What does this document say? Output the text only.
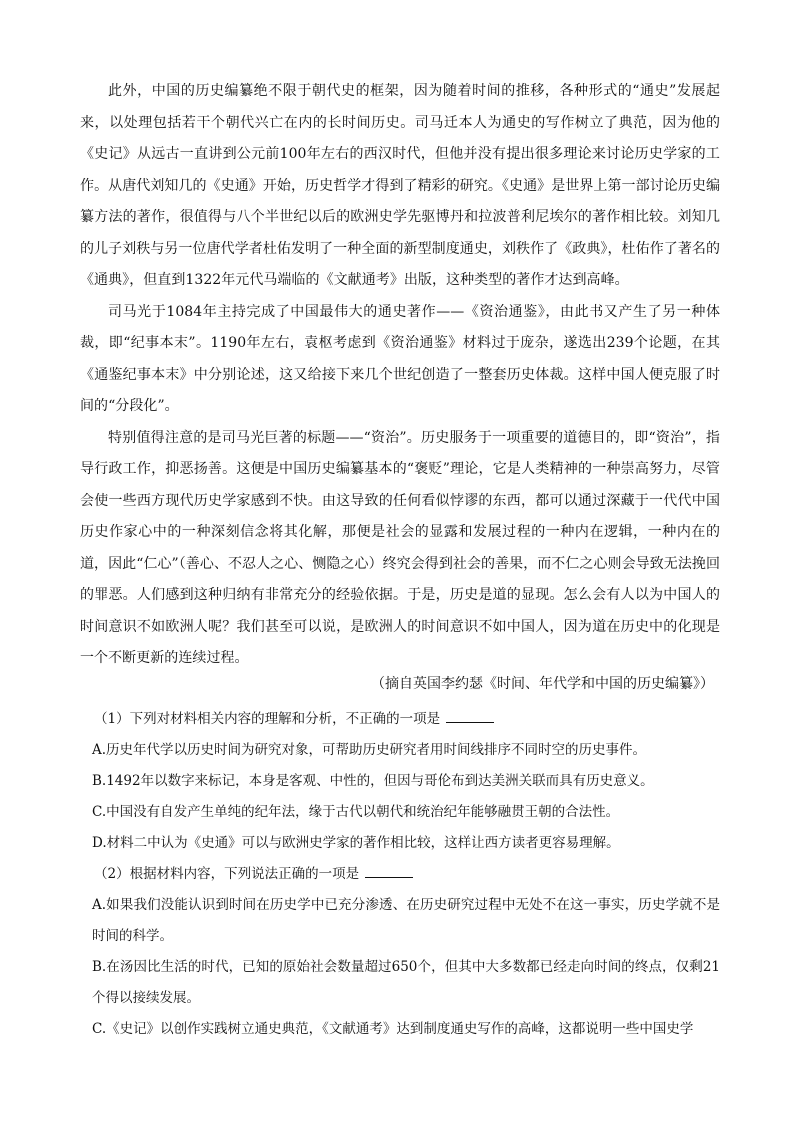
此外，中国的历史编纂绝不限于朝代史的框架，因为随着时间的推移，各种形式的“通史”发展起来，以处理包括若干个朝代兴亡在内的长时间历史。司马迁本人为通史的写作树立了典范，因为他的《史记》从远古一直讲到公元前100年左右的西汉时代，但他并没有提出很多理论来讨论历史学家的工作。从唐代刘知几的《史通》开始，历史哲学才得到了精彩的研究。《史通》是世界上第一部讨论历史编纂方法的著作，很值得与八个半世纪以后的欧洲史学先驱博丹和拉波普利尼埃尔的著作相比较。刘知几的儿子刘秩与另一位唐代学者杜佑发明了一种全面的新型制度通史，刘秩作了《政典》，杜佑作了著名的《通典》，但直到1322年元代马端临的《文献通考》出版，这种类型的著作才达到高峰。

司马光于1084年主持完成了中国最伟大的通史著作——《资治通鉴》，由此书又产生了另一种体裁，即“纪事本末”。1190年左右，袁枢考虑到《资治通鉴》材料过于庞杂，遂选出239个论题，在其《通鉴纪事本末》中分别论述，这又给接下来几个世纪创造了一整套历史体裁。这样中国人便克服了时间的“分段化”。

特别值得注意的是司马光巨著的标题——“资治”。历史服务于一项重要的道德目的，即“资治”，指导行政工作，抑恶扬善。这便是中国历史编纂基本的“褒贬”理论，它是人类精神的一种崇高努力，尽管会使一些西方现代历史学家感到不快。由这导致的任何看似悖谬的东西，都可以通过深藏于一代代中国历史作家心中的一种深刻信念将其化解，那便是社会的显露和发展过程的一种内在逻辑，一种内在的道，因此“仁心”（善心、不忍人之心、恻隐之心）终究会得到社会的善果，而不仁之心则会导致无法挽回的罪恶。人们感到这种归纳有非常充分的经验依据。于是，历史是道的显现。怎么会有人以为中国人的时间意识不如欧洲人呢？我们甚至可以说，是欧洲人的时间意识不如中国人，因为道在历史中的化现是一个不断更新的连续过程。

（摘自英国李约瑟《时间、年代学和中国的历史编纂》）

（1）下列对材料相关内容的理解和分析，不正确的一项是

A.历史年代学以历史时间为研究对象，可帮助历史研究者用时间线排序不同时空的历史事件。

B.1492年以数字来标记，本身是客观、中性的，但因与哥伦布到达美洲关联而具有历史意义。

C.中国没有自发产生单纯的纪年法，缘于古代以朝代和统治纪年能够融贯王朝的合法性。

D.材料二中认为《史通》可以与欧洲史学家的著作相比较，这样让西方读者更容易理解。

（2）根据材料内容，下列说法正确的一项是

A.如果我们没能认识到时间在历史学中已充分渗透、在历史研究过程中无处不在这一事实，历史学就不是时间的科学。

B.在汤因比生活的时代，已知的原始社会数量超过650个，但其中大多数都已经走向时间的终点，仅剩21个得以接续发展。

C.《史记》以创作实践树立通史典范，《文献通考》达到制度通史写作的高峰，这都说明一些中国史学
